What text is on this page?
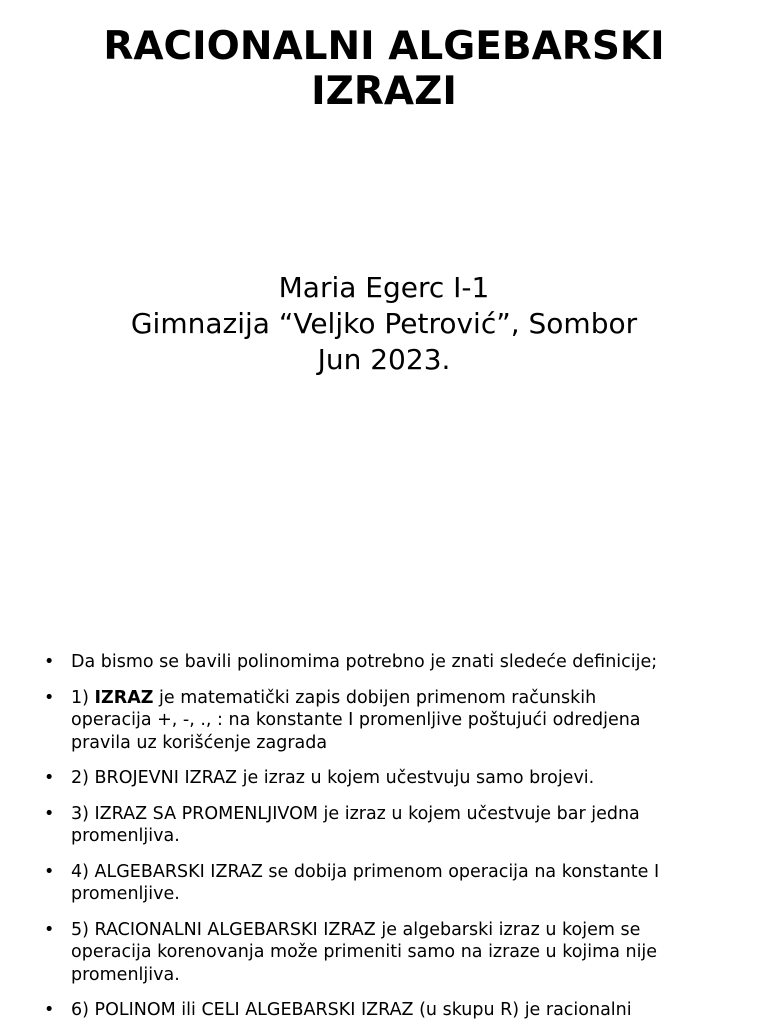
RACIONALNI ALGEBARSKI
IZRAZI
Maria Egerc I-1
Gimnazija “Veljko Petrović”, Sombor
Jun 2023.
• Da bismo se bavili polinomima potrebno je znati sledeće definicije;
• 1) IZRAZ je matematički zapis dobijen primenom računskih
operacija +, -, ., : na konstante I promenljive poštujući odredjena
pravila uz korišćenje zagrada
• 2) BROJEVNI IZRAZ je izraz u kojem učestvuju samo brojevi.
• 3) IZRAZ SA PROMENLJIVOM je izraz u kojem učestvuje bar jedna
promenljiva.
• 4) ALGEBARSKI IZRAZ se dobija primenom operacija na konstante I
promenljive.
• 5) RACIONALNI ALGEBARSKI IZRAZ je algebarski izraz u kojem se
operacija korenovanja može primeniti samo na izraze u kojima nije
promenljiva.
• 6) POLINOM ili CELI ALGEBARSKI IZRAZ (u skupu R) je racionalni
